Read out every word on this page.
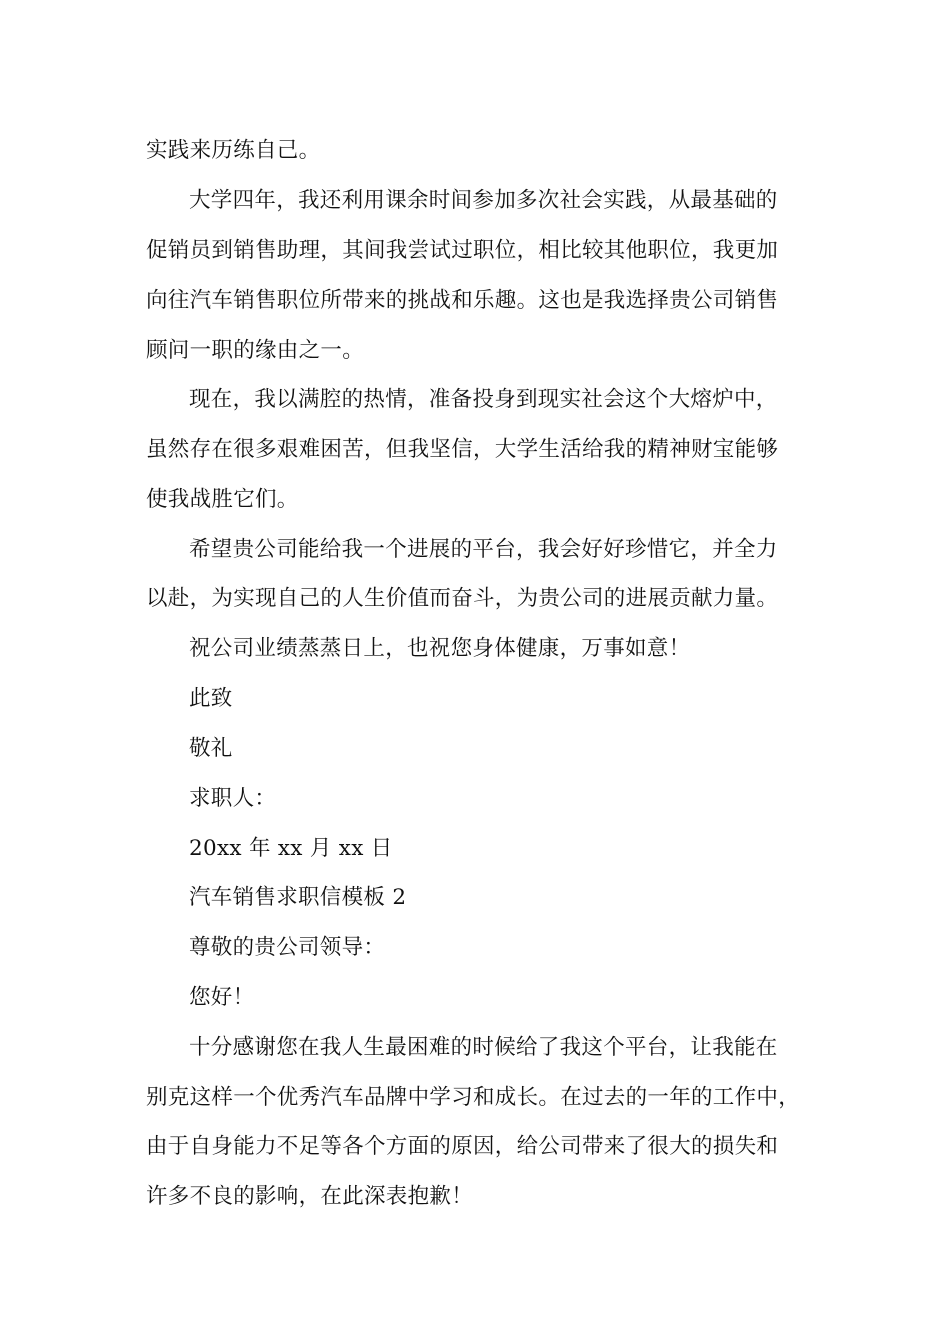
实践来历练自己。
大学四年，我还利用课余时间参加多次社会实践，从最基础的
促销员到销售助理，其间我尝试过职位，相比较其他职位，我更加
向往汽车销售职位所带来的挑战和乐趣。这也是我选择贵公司销售
顾问一职的缘由之一。
现在，我以满腔的热情，准备投身到现实社会这个大熔炉中，
虽然存在很多艰难困苦，但我坚信，大学生活给我的精神财宝能够
使我战胜它们。
希望贵公司能给我一个进展的平台，我会好好珍惜它，并全力
以赴，为实现自己的人生价值而奋斗，为贵公司的进展贡献力量。
祝公司业绩蒸蒸日上，也祝您身体健康，万事如意！
此致
敬礼
求职人：
20xx 年 xx 月 xx 日
汽车销售求职信模板 2
尊敬的贵公司领导：
您好！
十分感谢您在我人生最困难的时候给了我这个平台，让我能在
别克这样一个优秀汽车品牌中学习和成长。在过去的一年的工作中，
由于自身能力不足等各个方面的原因，给公司带来了很大的损失和
许多不良的影响，在此深表抱歉！
